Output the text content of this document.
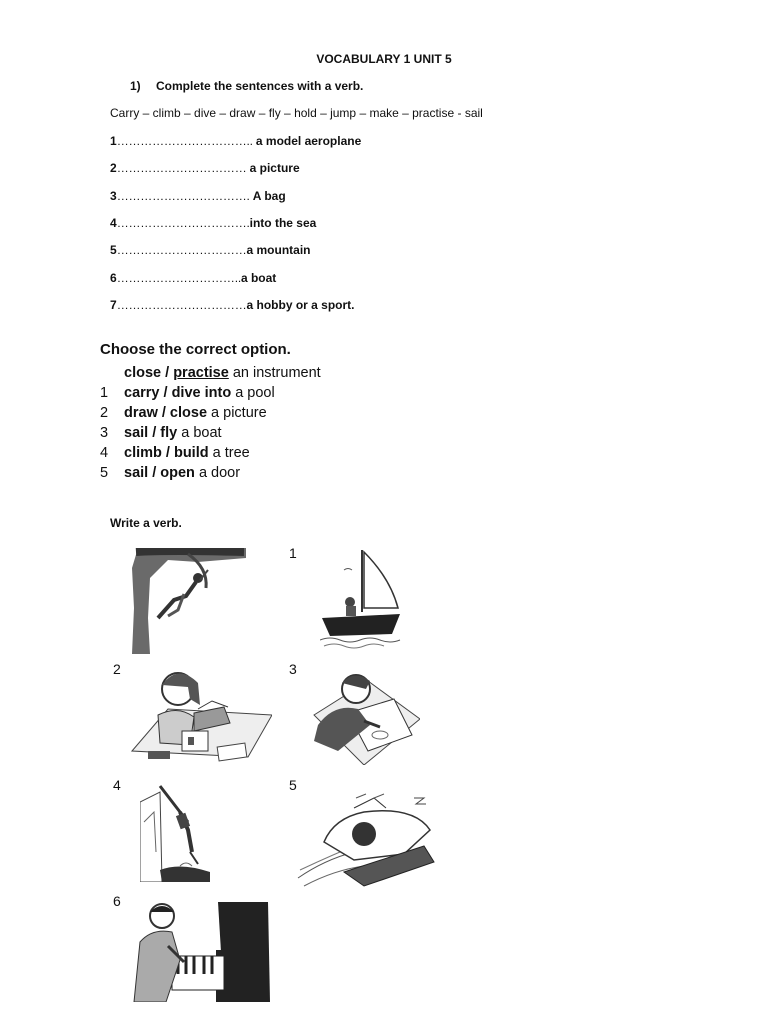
VOCABULARY 1 UNIT 5
1) Complete the sentences with a verb.
Carry – climb – dive – draw – fly – hold – jump – make – practise - sail
1…………………………….. a model aeroplane
2…………………………… a picture
3……………………………. A bag
4…………………………….into the sea
5……………………………a mountain
6…………………………..a boat
7……………………………a hobby or a sport.
Choose the correct option.
close / practise an instrument
1 carry / dive into a pool
2 draw / close a picture
3 sail / fly a boat
4 climb / build a tree
5 sail / open a door
Write a verb.
1
2	3
4	5
6
